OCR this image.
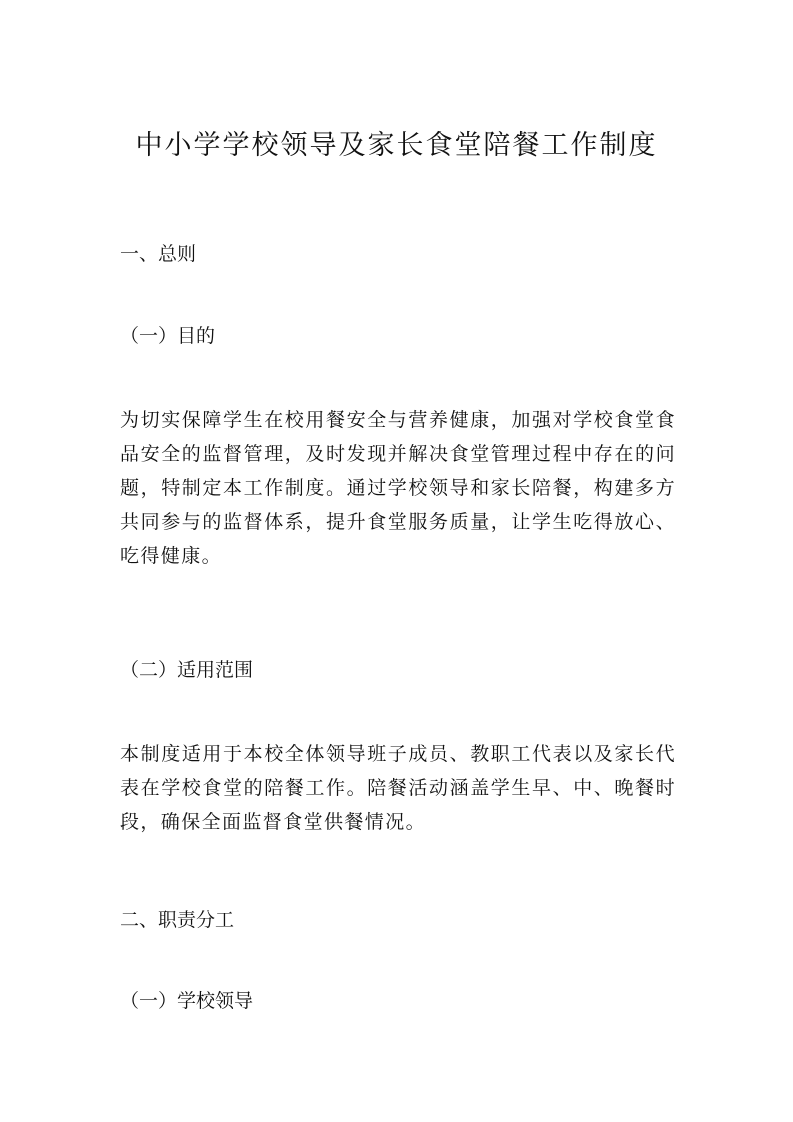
中小学学校领导及家长食堂陪餐工作制度
一、总则
（一）目的

为切实保障学生在校用餐安全与营养健康，加强对学校食堂食品安全的监督管理，及时发现并解决食堂管理过程中存在的问题，特制定本工作制度。通过学校领导和家长陪餐，构建多方共同参与的监督体系，提升食堂服务质量，让学生吃得放心、吃得健康。

（二）适用范围

本制度适用于本校全体领导班子成员、教职工代表以及家长代表在学校食堂的陪餐工作。陪餐活动涵盖学生早、中、晚餐时段，确保全面监督食堂供餐情况。

二、职责分工
（一）学校领导
